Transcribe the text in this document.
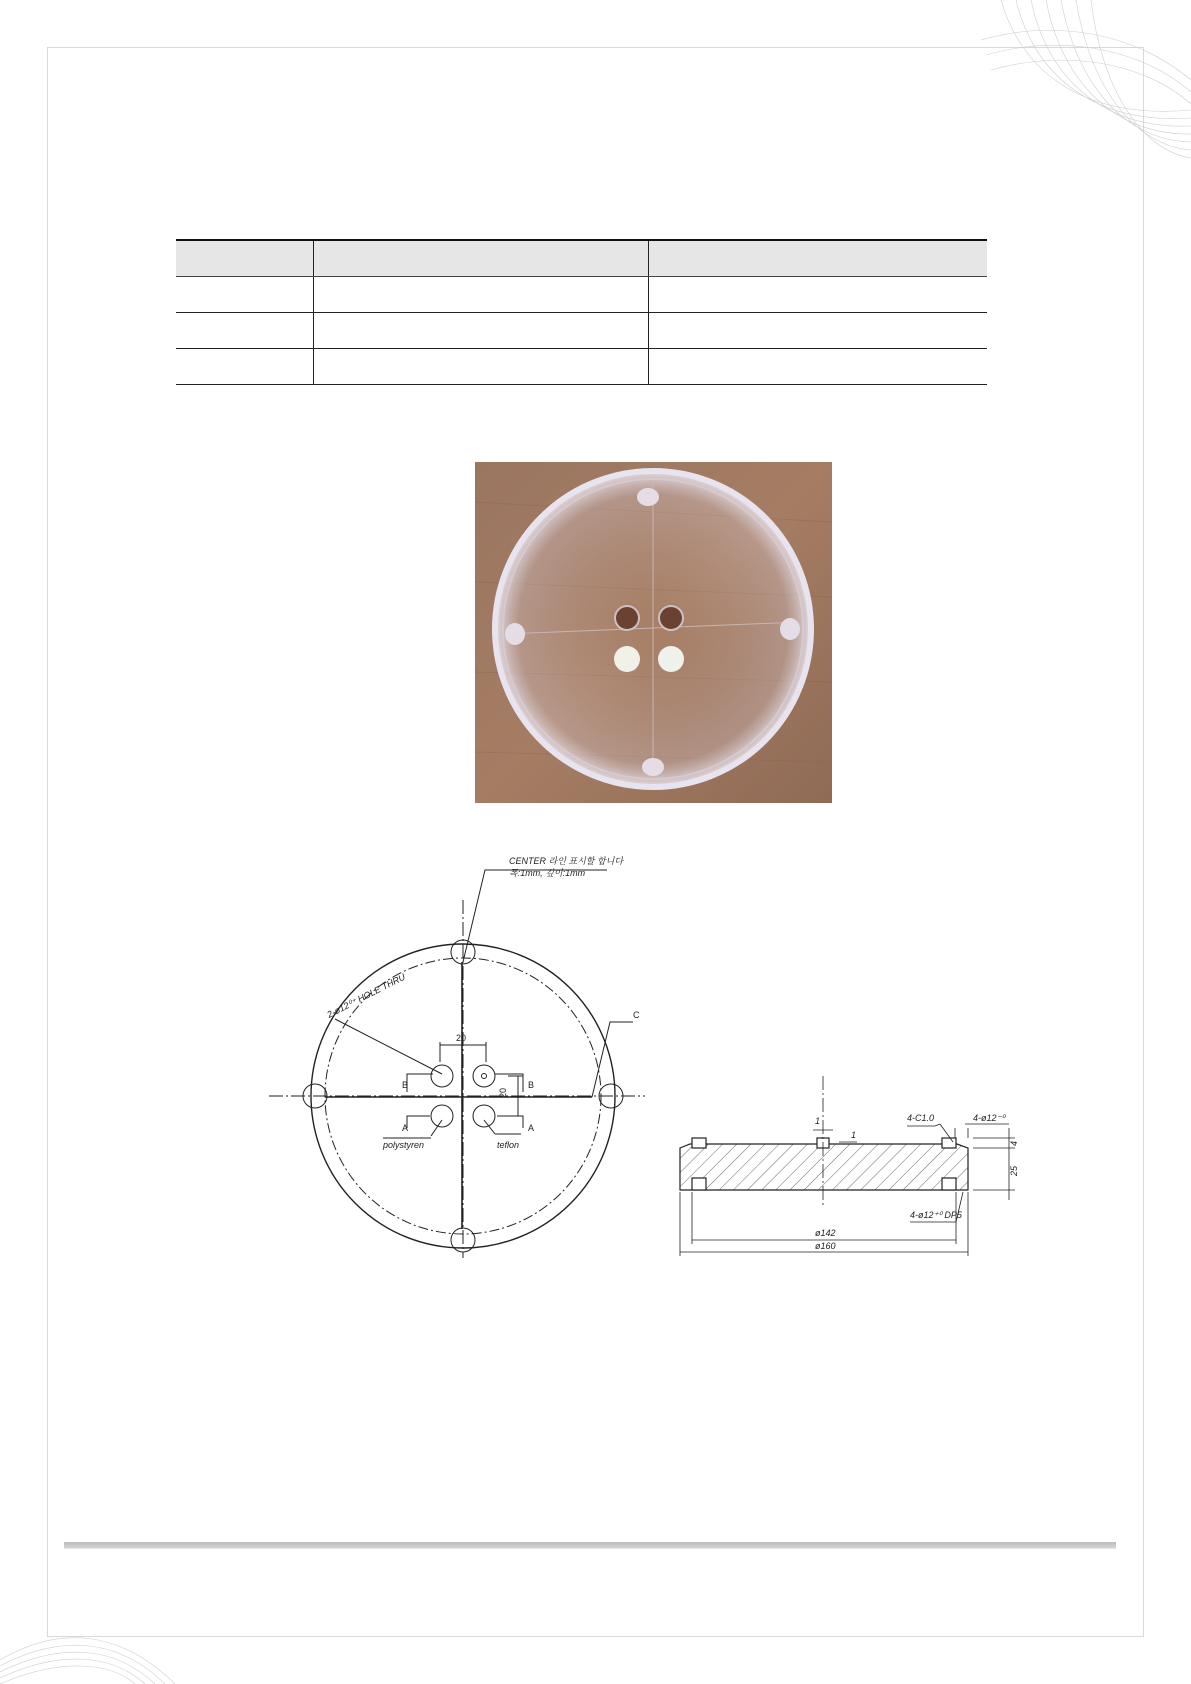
CENTER 라인 표시할 합니다
폭:1mm, 깊이:1mm
2-ø12⁰⁺ HOLE THRU
20
20
B	B
A	A
polystyren	teflon
C
4-C1.0	4-ø12⁻⁰
1
1
4
25
4-ø12⁺⁰ DP5
ø142
ø160
